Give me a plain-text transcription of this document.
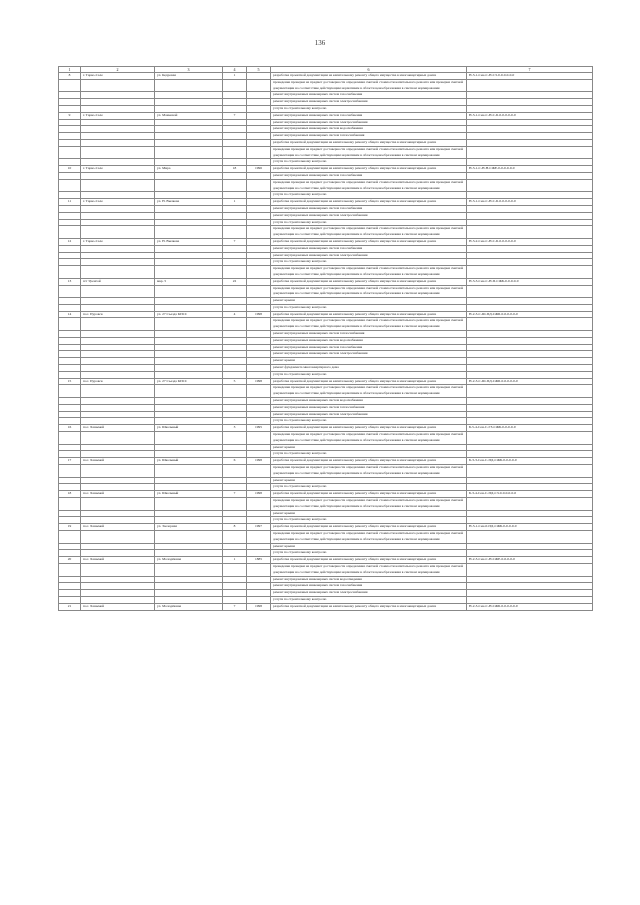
136
1	2	3	4	5	6	7
8	г. Тарко-Сале	ул. Кедровая	1		разработка проектной документации на капитальному ремонту общего имущества в многоквартирных домах	Н-3-1-Сен-С-Н-СЗ-0-0-0-0-0-0
					проведение проверки на предмет достоверности определения сметной стоимости капитального ремонта или проверки сметной документации на соответствие действующим нормативам в области ценообразования в сметном нормировании	
					ремонт внутридомовых инженерных систем газоснабжения	
					ремонт внутридомовых инженерных систем электроснабжения	
					услуги по строительному контролю	
9	г. Тарко-Сале	ул. Мамеевой	7		ремонт внутридомовых инженерных систем газоснабжения	Н-3-1-Сен-С-Н-С-Б-0-0-0-0-0-0
					ремонт внутридомовых инженерных систем электроснабжения	
					ремонт внутридомовых инженерных систем водоснабжения	
					ремонт внутридомовых инженерных систем теплоснабжения	
					разработка проектной документации на капитальному ремонту общего имущества в многоквартирных домах	
					проведение проверки на предмет достоверности определения сметной стоимости капитального ремонта или проверки сметной документации на соответствие действующим нормативам в области ценообразования в сметном нормировании	
					услуги по строительному контролю	
10	г. Тарко-Сале	ул. Мира	18	1996	разработка проектной документации на капитальному ремонту общего имущества в многоквартирных домах	Н-3-1-С-Н-Н-СЖЕ-0-0-0-0-0-0
					ремонт внутридомовых инженерных систем газоснабжения	
					проведение проверки на предмет достоверности определения сметной стоимости капитального ремонта или проверки сметной документации на соответствие действующим нормативам в области ценообразования в сметном нормировании	
					услуги по строительному контролю	
11	г. Тарко-Сале	ул. Н. Вылкова	1		разработка проектной документации на капитальному ремонту общего имущества в многоквартирных домах	Н-3-1-Сен-С-Н-С-Б-0-0-0-0-0-0
					ремонт внутридомовых инженерных систем газоснабжения	
					ремонт внутридомовых инженерных систем электроснабжения	
					услуги по строительному контролю	
					проведение проверки на предмет достоверности определения сметной стоимости капитального ремонта или проверки сметной документации на соответствие действующим нормативам в области ценообразования в сметном нормировании	
12	г. Тарко-Сале	ул. Н. Вылкова	7		разработка проектной документации на капитальному ремонту общего имущества в многоквартирных домах	Н-3-2-Сен-С-Н-С-Б-0-0-0-0-0-0
					ремонт внутридомовых инженерных систем газоснабжения	
					ремонт внутридомовых инженерных систем электроснабжения	
					услуги по строительному контролю	
					проведение проверки на предмет достоверности определения сметной стоимости капитального ремонта или проверки сметной документации на соответствие действующим нормативам в области ценообразования в сметном нормировании	
13	п/т Уренгой	мкр. 5	22		разработка проектной документации на капитальному ремонту общего имущества в многоквартирных домах	Н-3-3-Сен-С-Н-П-СЖБ-0-0-0-0-0
					проведение проверки на предмет достоверности определения сметной стоимости капитального ремонта или проверки сметной документации на соответствие действующим нормативам в области ценообразования в сметном нормировании	
					ремонт крыши	
					услуги по строительному контролю	
14	пос. Пуровск	ул. 27 Съезда КПСС	4	1998	разработка проектной документации на капитальному ремонту общего имущества в многоквартирных домах	Н-2-3-С-Ш-ПД-СЖБ-0-0-0-0-0-0
					проведение проверки на предмет достоверности определения сметной стоимости капитального ремонта или проверки сметной документации на соответствие действующим нормативам в области ценообразования в сметном нормировании	
					ремонт внутридомовых инженерных систем теплоснабжения	
					ремонт внутридомовых инженерных систем водоснабжения	
					ремонт внутридомовых инженерных систем газоснабжения	
					ремонт внутридомовых инженерных систем электроснабжения	
					ремонт крыши	
					ремонт фундамента многоквартирного дома	
					услуги по строительному контролю	
15	пос. Пуровск	ул. 27 Съезда КПСС	5	1998	разработка проектной документации на капитальному ремонту общего имущества в многоквартирных домах	Н-2-3-С-Ш-ПД-СЖБ-0-0-0-0-0-0
					проведение проверки на предмет достоверности определения сметной стоимости капитального ремонта или проверки сметной документации на соответствие действующим нормативам в области ценообразования в сметном нормировании	
					ремонт внутридомовых инженерных систем водоснабжения	
					ремонт внутридомовых инженерных систем теплоснабжения	
					ремонт внутридомовых инженерных систем электроснабжения	
					услуги по строительному контролю	
16	пос. Ханымей	ул. Школьный	3	1995	разработка проектной документации на капитальному ремонту общего имущества в многоквартирных домах	Б-5-4-Сен-С-ГЗ-СЖБ-0-0-0-0-0
					проведение проверки на предмет достоверности определения сметной стоимости капитального ремонта или проверки сметной документации на соответствие действующим нормативам в области ценообразования в сметном нормировании	
					ремонт крыши	
					услуги по строительному контролю	
17	пос. Ханымей	ул. Школьный	6	1998	разработка проектной документации на капитальному ремонту общего имущества в многоквартирных домах	Б-3-3-Сен-С-ПД-СЖБ-0-0-0-0-0
					проведение проверки на предмет достоверности определения сметной стоимости капитального ремонта или проверки сметной документации на соответствие действующим нормативам в области ценообразования в сметном нормировании	
					ремонт крыши	
					услуги по строительному контролю	
18	пос. Ханымей	ул. Школьный	7	1998	разработка проектной документации на капитальному ремонту общего имущества в многоквартирных домах	Б-3-4-Сен-С-ПД-СЗ-0-0-0-0-0-0
					проведение проверки на предмет достоверности определения сметной стоимости капитального ремонта или проверки сметной документации на соответствие действующим нормативам в области ценообразования в сметном нормировании	
					ремонт крыши	
					услуги по строительному контролю	
19	пос. Ханымей	ул. Заозерная	8	1997	разработка проектной документации на капитальному ремонту общего имущества в многоквартирных домах	Н-3-1-Сен-0-ПД-СЖБ-0-0-0-0-0
					проведение проверки на предмет достоверности определения сметной стоимости капитального ремонта или проверки сметной документации на соответствие действующим нормативам в области ценообразования в сметном нормировании	
					ремонт крыши	
					услуги по строительному контролю	
20	пос. Ханымей	ул. Молодёжная	1	1885	разработка проектной документации на капитальному ремонту общего имущества в многоквартирных домах	Н-2-3-Сен-С-Н-СЖЕ-0-0-0-0-0
					проведение проверки на предмет достоверности определения сметной стоимости капитального ремонта или проверки сметной документации на соответствие действующим нормативам в области ценообразования в сметном нормировании	
					ремонт внутридомовых инженерных систем водоотведения	
					ремонт внутридомовых инженерных систем газоснабжения	
					ремонт внутридомовых инженерных систем электроснабжения	
					услуги по строительному контролю	
21	пос. Ханымей	ул. Молодёжная	7	1998	разработка проектной документации на капитальному ремонту общего имущества в многоквартирных домах	Н-2-3-Сен-С-Н-СЖБ-0-0-0-0-0-0
